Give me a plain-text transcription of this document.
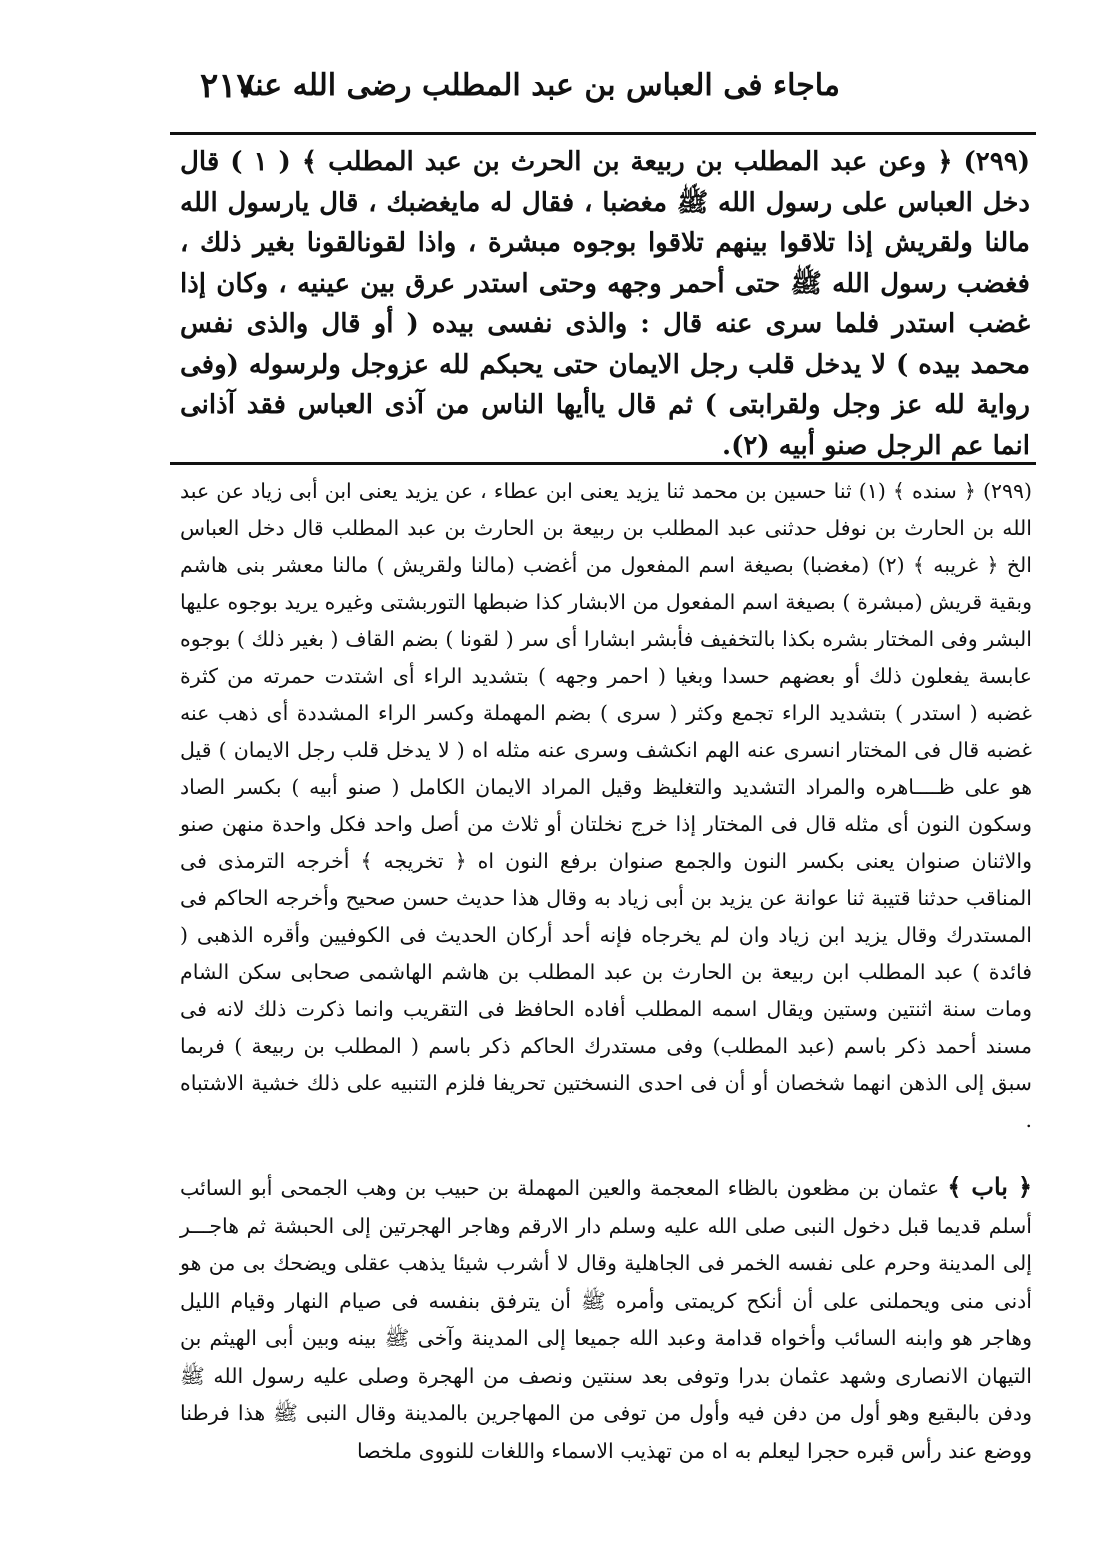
ماجاء فى العباس بن عبد المطلب رضى الله عنه
٢١٧
(٢٩٩) ﴿ وعن عبد المطلب بن ربيعة بن الحرث بن عبد المطلب ﴾ ( ١ ) قال دخل العباس على رسول الله ﷺ مغضبا ، فقال له مايغضبك ، قال يارسول الله مالنا ولقريش إذا تلاقوا بينهم تلاقوا بوجوه مبشرة ، واذا لقونالقونا بغير ذلك ، فغضب رسول الله ﷺ حتى أحمر وجهه وحتى استدر عرق بين عينيه ، وكان إذا غضب استدر فلما سرى عنه قال : والذى نفسى بيده ( أو قال والذى نفس محمد بيده ) لا يدخل قلب رجل الايمان حتى يحبكم لله عزوجل ولرسوله (وفى رواية لله عز وجل ولقرابتى ) ثم قال ياأيها الناس من آذى العباس فقد آذانى انما عم الرجل صنو أبيه (٢).
(٢٩٩) ﴿ سنده ﴾ (١) ثنا حسين بن محمد ثنا يزيد يعنى ابن عطاء ، عن يزيد يعنى ابن أبى زياد عن عبد الله بن الحارث بن نوفل حدثنى عبد المطلب بن ربيعة بن الحارث بن عبد المطلب قال دخل العباس الخ ﴿ غريبه ﴾ (٢) (مغضبا) بصيغة اسم المفعول من أغضب (مالنا ولقريش ) مالنا معشر بنى هاشم وبقية قريش (مبشرة ) بصيغة اسم المفعول من الابشار كذا ضبطها التوربشتى وغيره يريد بوجوه عليها البشر وفى المختار بشره بكذا بالتخفيف فأبشر ابشارا أى سر ( لقونا ) بضم القاف ( بغير ذلك ) بوجوه عابسة يفعلون ذلك أو بعضهم حسدا وبغيا ( احمر وجهه ) بتشديد الراء أى اشتدت حمرته من كثرة غضبه ( استدر ) بتشديد الراء تجمع وكثر ( سرى ) بضم المهملة وكسر الراء المشددة أى ذهب عنه غضبه قال فى المختار انسرى عنه الهم انكشف وسرى عنه مثله اه ( لا يدخل قلب رجل الايمان ) قيل هو على ظــــاهره والمراد التشديد والتغليظ وقيل المراد الايمان الكامل ( صنو أبيه ) بكسر الصاد وسكون النون أى مثله قال فى المختار إذا خرج نخلتان أو ثلاث من أصل واحد فكل واحدة منهن صنو والاثنان صنوان يعنى بكسر النون والجمع صنوان برفع النون اه ﴿ تخريجه ﴾ أخرجه الترمذى فى المناقب حدثنا قتيبة ثنا عوانة عن يزيد بن أبى زياد به وقال هذا حديث حسن صحيح وأخرجه الحاكم فى المستدرك وقال يزيد ابن زياد وان لم يخرجاه فإنه أحد أركان الحديث فى الكوفيين وأقره الذهبى ( فائدة ) عبد المطلب ابن ربيعة بن الحارث بن عبد المطلب بن هاشم الهاشمى صحابى سكن الشام ومات سنة اثنتين وستين ويقال اسمه المطلب أفاده الحافظ فى التقريب وانما ذكرت ذلك لانه فى مسند أحمد ذكر باسم (عبد المطلب) وفى مستدرك الحاكم ذكر باسم ( المطلب بن ربيعة ) فربما سبق إلى الذهن انهما شخصان أو أن فى احدى النسختين تحريفا فلزم التنبيه على ذلك خشية الاشتباه .
﴿ باب ﴾ عثمان بن مظعون بالظاء المعجمة والعين المهملة بن حبيب بن وهب الجمحى أبو السائب أسلم قديما قبل دخول النبى صلى الله عليه وسلم دار الارقم وهاجر الهجرتين إلى الحبشة ثم هاجـــر إلى المدينة وحرم على نفسه الخمر فى الجاهلية وقال لا أشرب شيئا يذهب عقلى ويضحك بى من هو أدنى منى ويحملنى على أن أنكح كريمتى وأمره ﷺ أن يترفق بنفسه فى صيام النهار وقيام الليل وهاجر هو وابنه السائب وأخواه قدامة وعبد الله جميعا إلى المدينة وآخى ﷺ بينه وبين أبى الهيثم بن التيهان الانصارى وشهد عثمان بدرا وتوفى بعد سنتين ونصف من الهجرة وصلى عليه رسول الله ﷺ ودفن بالبقيع وهو أول من دفن فيه وأول من توفى من المهاجرين بالمدينة وقال النبى ﷺ هذا فرطنا ووضع عند رأس قبره حجرا ليعلم به اه من تهذيب الاسماء واللغات للنووى ملخصا
